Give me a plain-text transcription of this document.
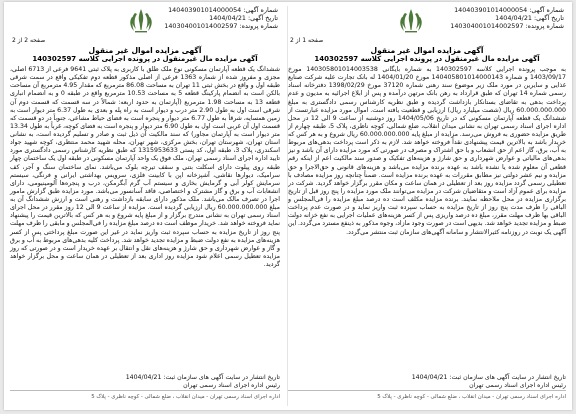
شماره آگهی: 140403901014000054
تاریخ آگهی: 1404/04/21
شماره پرونده: 140304001014002597
صفحه 1 از 2
آگهی مزایده اموال غیر منقول
آگهی مزایده مال غیرمنقول در پرونده اجرایی کلاسه 140302597
به موجب پرونده اجرایی کلاسه 140302597 به شماره بایگانی 140305801014003538 مورخ 1403/09/17 و شماره 140405801014000143 مورخ 1404/01/20 له بانک تجارت علیه شرکت صنایع غذایی و سایرین در مورد ملک زیر موضوع سند رهنی شماره 37120 مورخ 1398/02/29 دفترخانه اسناد رسمی شماره 14 تهران که طبق قرارداد به رهن بانک مرتهن درآمده و پس از ابلاغ اجرائیه به مدیون و عدم پرداخت بدهی به تقاضای بستانکار بازداشت گردیده و طبق نظریه کارشناس رسمی دادگستری به مبلغ 60.000.000.000 ریال (شصت میلیارد ریال) ارزیابی و قطعیت یافته است. اموال مورد مزایده عبارتست از ششدانگ یک قطعه آپارتمان مسکونی که در تاریخ 1404/05/06 روز دوشنبه از ساعت 9 الی 12 در محل اداره اجرای اسناد رسمی تهران به نشانی میدان انقلاب، ضلع شمالی، کوچه ناظری، پلاک 5، طبقه چهارم از طریق مزایده حضوری به فروش می‌رسد. مزایده از مبلغ پایه 60.000.000.000 ریال شروع و به هر کس که خریدار باشد به بالاترین قیمت پیشنهادی نقداً فروخته خواهد شد. لازم به ذکر است پرداخت بدهی‌های مربوط به آب، برق، گاز اعم از حق انشعاب و یا حق اشتراک و مصرف در صورتی که مورد مزایده دارای آن باشد و نیز بدهی‌های مالیاتی و عوارض شهرداری و حق شارژ و هزینه‌های تفکیک و صدور سند مالکیت اعم از اینکه رقم قطعی آن معلوم شده یا نشده باشد به عهده برنده مزایده می‌باشد و هزینه‌های قانونی و حق‌الاجرا و حق مزایده و نیم عشر دولتی نیز مطابق مقررات به عهده برنده مزایده است. ضمناً چنانچه روز مزایده مصادف با تعطیلی رسمی گردد مزایده روز بعد از تعطیلی در همان ساعت و مکان مقرر برگزار خواهد گردید. شرکت در مزایده برای عموم آزاد است و متقاضیان شرکت در مزایده می‌توانند ملک مورد مزایده را پنج روز قبل از تاریخ برگزاری مزایده در محل ملاحظه نمایند. برنده مزایده مکلف است ده درصد مبلغ مزایده را فی‌المجلس و الباقی را ظرف مدت پنج روز از تاریخ مزایده به حساب سپرده ثبت واریز نماید و در صورت عدم پرداخت الباقی بها ظرف مهلت مقرر، مبلغ ده درصد واریزی پس از کسر هزینه‌های عملیات اجرایی به نفع خزانه دولت ضبط و مزایده تجدید خواهد شد. بدیهی است در صورت وجود مازاد، وجوه مذکور به ذینفع مسترد می‌گردد. این آگهی یک نوبت در روزنامه کثیرالانتشار و سامانه آگهی‌های سازمان ثبت منتشر می‌گردد.
تاریخ انتشار در سایت آگهی های سازمان ثبت: 1404/04/21
رئیس اداره اجرای اسناد رسمی تهران
اداره اجرای اسناد رسمی تهران - میدان انقلاب ، ضلع شمالی - کوچه ناظری - پلاک 5
شماره آگهی: 140403901014000054
تاریخ آگهی: 1404/04/21
شماره پرونده: 140304001014002597
صفحه 2 از 2
آگهی مزایده اموال غیر منقول
آگهی مزایده مال غیرمنقول در پرونده اجرایی کلاسه 140302597
ششدانگ یک قطعه آپارتمان مسکونی نوع ملک طلق با کاربری به پلاک ثبتی 9641 فرعی از 6713 اصلی، مجزی و مفروز شده از شماره 1363 فرعی از اصلی مذکور قطعه دوم تفکیکی واقع در سمت شرقی طبقه اول و واقع در بخش ثبتی 11 تهران به مساحت 86.08 مترمربع که مقدار 4.95 مترمربع آن مساحت بالکن است به انضمام پارکینگ قطعه 5 به مساحت 10.53 مترمربع واقع در طبقه 0 و به انضمام انباری قطعه 13 به مساحت 1.98 مترمربع (آپارتمان به حدود اربعه: شمالاً در سه قسمت که قسمت دوم آن شرقی است اول به طول 2.90 متر درب و دیوار است به راه پله و بعدی به طول 6.37 متر دیوار است به زمین همسایه، شرقاً به طول 6.77 متر دیوار و پنجره است به فضای حیاط مشاعی، جنوباً در دو قسمت که قسمت اول آن غربی است اول به طول 6.90 متر دیوار و پنجره است به فضای کوچه، غرباً به طول 13.34 متر دیوار است به آپارتمان مجاور) که سند مالکیت آن ذیل ثبت و صادر و تسلیم گردیده است، به نشانی استان تهران، شهرستان تهران، بخش مرکزی، شهر تهران، محله شهید محمد منتظری، کوچه شهید جواد اسکندری، پلاک 3، طبقه اول، کد پستی 1315953633 که طبق نظریه کارشناس رسمی دادگستری مورد تایید اداره اجرای اسناد رسمی تهران، ملک فوق یک واحد آپارتمان مسکونی در طبقه اول یک ساختمان چهار طبقه روی پیلوت دارای اسکلت بتنی و سقف تیرچه بلوک می‌باشد. نمای ساختمان سنگ و آجر، کف سرامیک، دیوارها نقاشی، آشپزخانه اپن با کابینت فلزی، سرویس بهداشتی ایرانی و فرنگی، سیستم سرمایش کولر آبی و گرمایش بخاری و سیستم آب گرم آبگرمکن، درب و پنجره‌ها آلومینیومی، دارای انشعابات آب و برق و گاز مشترک و اختصاصی، فاقد آسانسور می‌باشد. مورد مزایده طبق گزارش مامور اجرا در تصرف مالک می‌باشد. ملک مذکور دارای سابقه بازداشت و رهنی است و ارزش ششدانگ آن به مبلغ 60.000.000.000 ریال ارزیابی گردیده است. مزایده از ساعت 9 الی 12 روز مقرر در محل اجرای اسناد رسمی تهران به نشانی مندرج برگزار و از مبلغ پایه شروع و به هر کس که بالاترین قیمت را پیشنهاد نماید فروخته خواهد شد. خریدار موظف است ده درصد مبلغ مزایده را فی‌المجلس و مابقی را ظرف مهلت پنج روز از تاریخ مزایده به حساب سپرده ثبت واریز نماید در غیر این صورت مبلغ پرداختی پس از کسر هزینه‌های مزایده به نفع دولت ضبط و مزایده تجدید خواهد شد. پرداخت کلیه بدهی‌های مربوط به آب و برق و گاز و عوارض شهرداری و حق شارژ و هزینه‌های نقل و انتقال بر عهده خریدار است و در صورتی که روز مزایده تعطیل رسمی اعلام شود مزایده روز اداری بعد از تعطیلی در همان ساعت و محل برگزار خواهد گردید.
تاریخ انتشار در سایت آگهی های سازمان ثبت: 1404/04/21
رئیس اداره اجرای اسناد رسمی تهران
اداره اجرای اسناد رسمی تهران - میدان انقلاب ، ضلع شمالی - کوچه ناظری - پلاک 5
